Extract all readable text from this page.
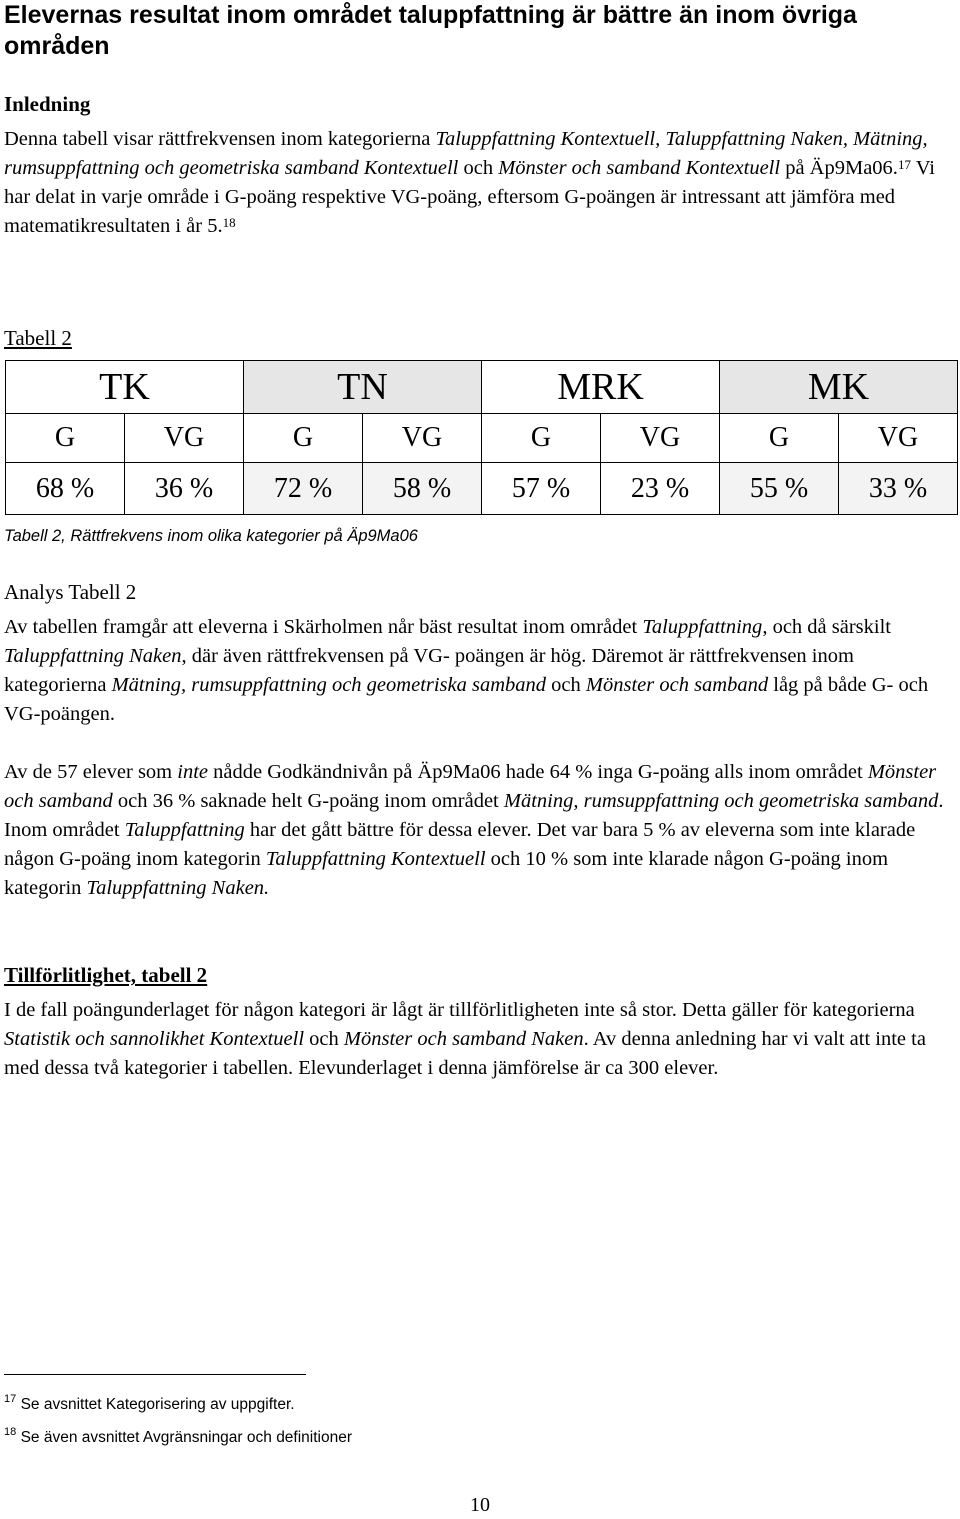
Elevernas resultat inom området taluppfattning är bättre än inom övriga områden
Inledning
Denna tabell visar rättfrekvensen inom kategorierna Taluppfattning Kontextuell, Taluppfattning Naken, Mätning, rumsuppfattning och geometriska samband Kontextuell och Mönster och samband Kontextuell på Äp9Ma06.17 Vi har delat in varje område i G-poäng respektive VG-poäng, eftersom G-poängen är intressant att jämföra med matematikresultaten i år 5.18
Tabell 2
TK		TN		MRK		MK	
G	VG	G	VG	G	VG	G	VG
68 %	36 %	72 %	58 %	57 %	23 %	55 %	33 %
Tabell 2, Rättfrekvens inom olika kategorier på Äp9Ma06
Analys Tabell 2
Av tabellen framgår att eleverna i Skärholmen når bäst resultat inom området Taluppfattning, och då särskilt Taluppfattning Naken, där även rättfrekvensen på VG- poängen är hög. Däremot är rättfrekvensen inom kategorierna Mätning, rumsuppfattning och geometriska samband och Mönster och samband låg på både G- och VG-poängen.
Av de 57 elever som inte nådde Godkändnivån på Äp9Ma06 hade 64 % inga G-poäng alls inom området Mönster och samband och 36 % saknade helt G-poäng inom området Mätning, rumsuppfattning och geometriska samband. Inom området Taluppfattning har det gått bättre för dessa elever. Det var bara 5 % av eleverna som inte klarade någon G-poäng inom kategorin Taluppfattning Kontextuell och 10 % som inte klarade någon G-poäng inom kategorin Taluppfattning Naken.
Tillförlitlighet, tabell 2
I de fall poängunderlaget för någon kategori är lågt är tillförlitligheten inte så stor. Detta gäller för kategorierna Statistik och sannolikhet Kontextuell och Mönster och samband Naken. Av denna anledning har vi valt att inte ta med dessa två kategorier i tabellen. Elevunderlaget i denna jämförelse är ca 300 elever.
$^{17}$ Se avsnittet Kategorisering av uppgifter.
$^{18}$ Se även avsnittet Avgränsningar och definitioner
10
